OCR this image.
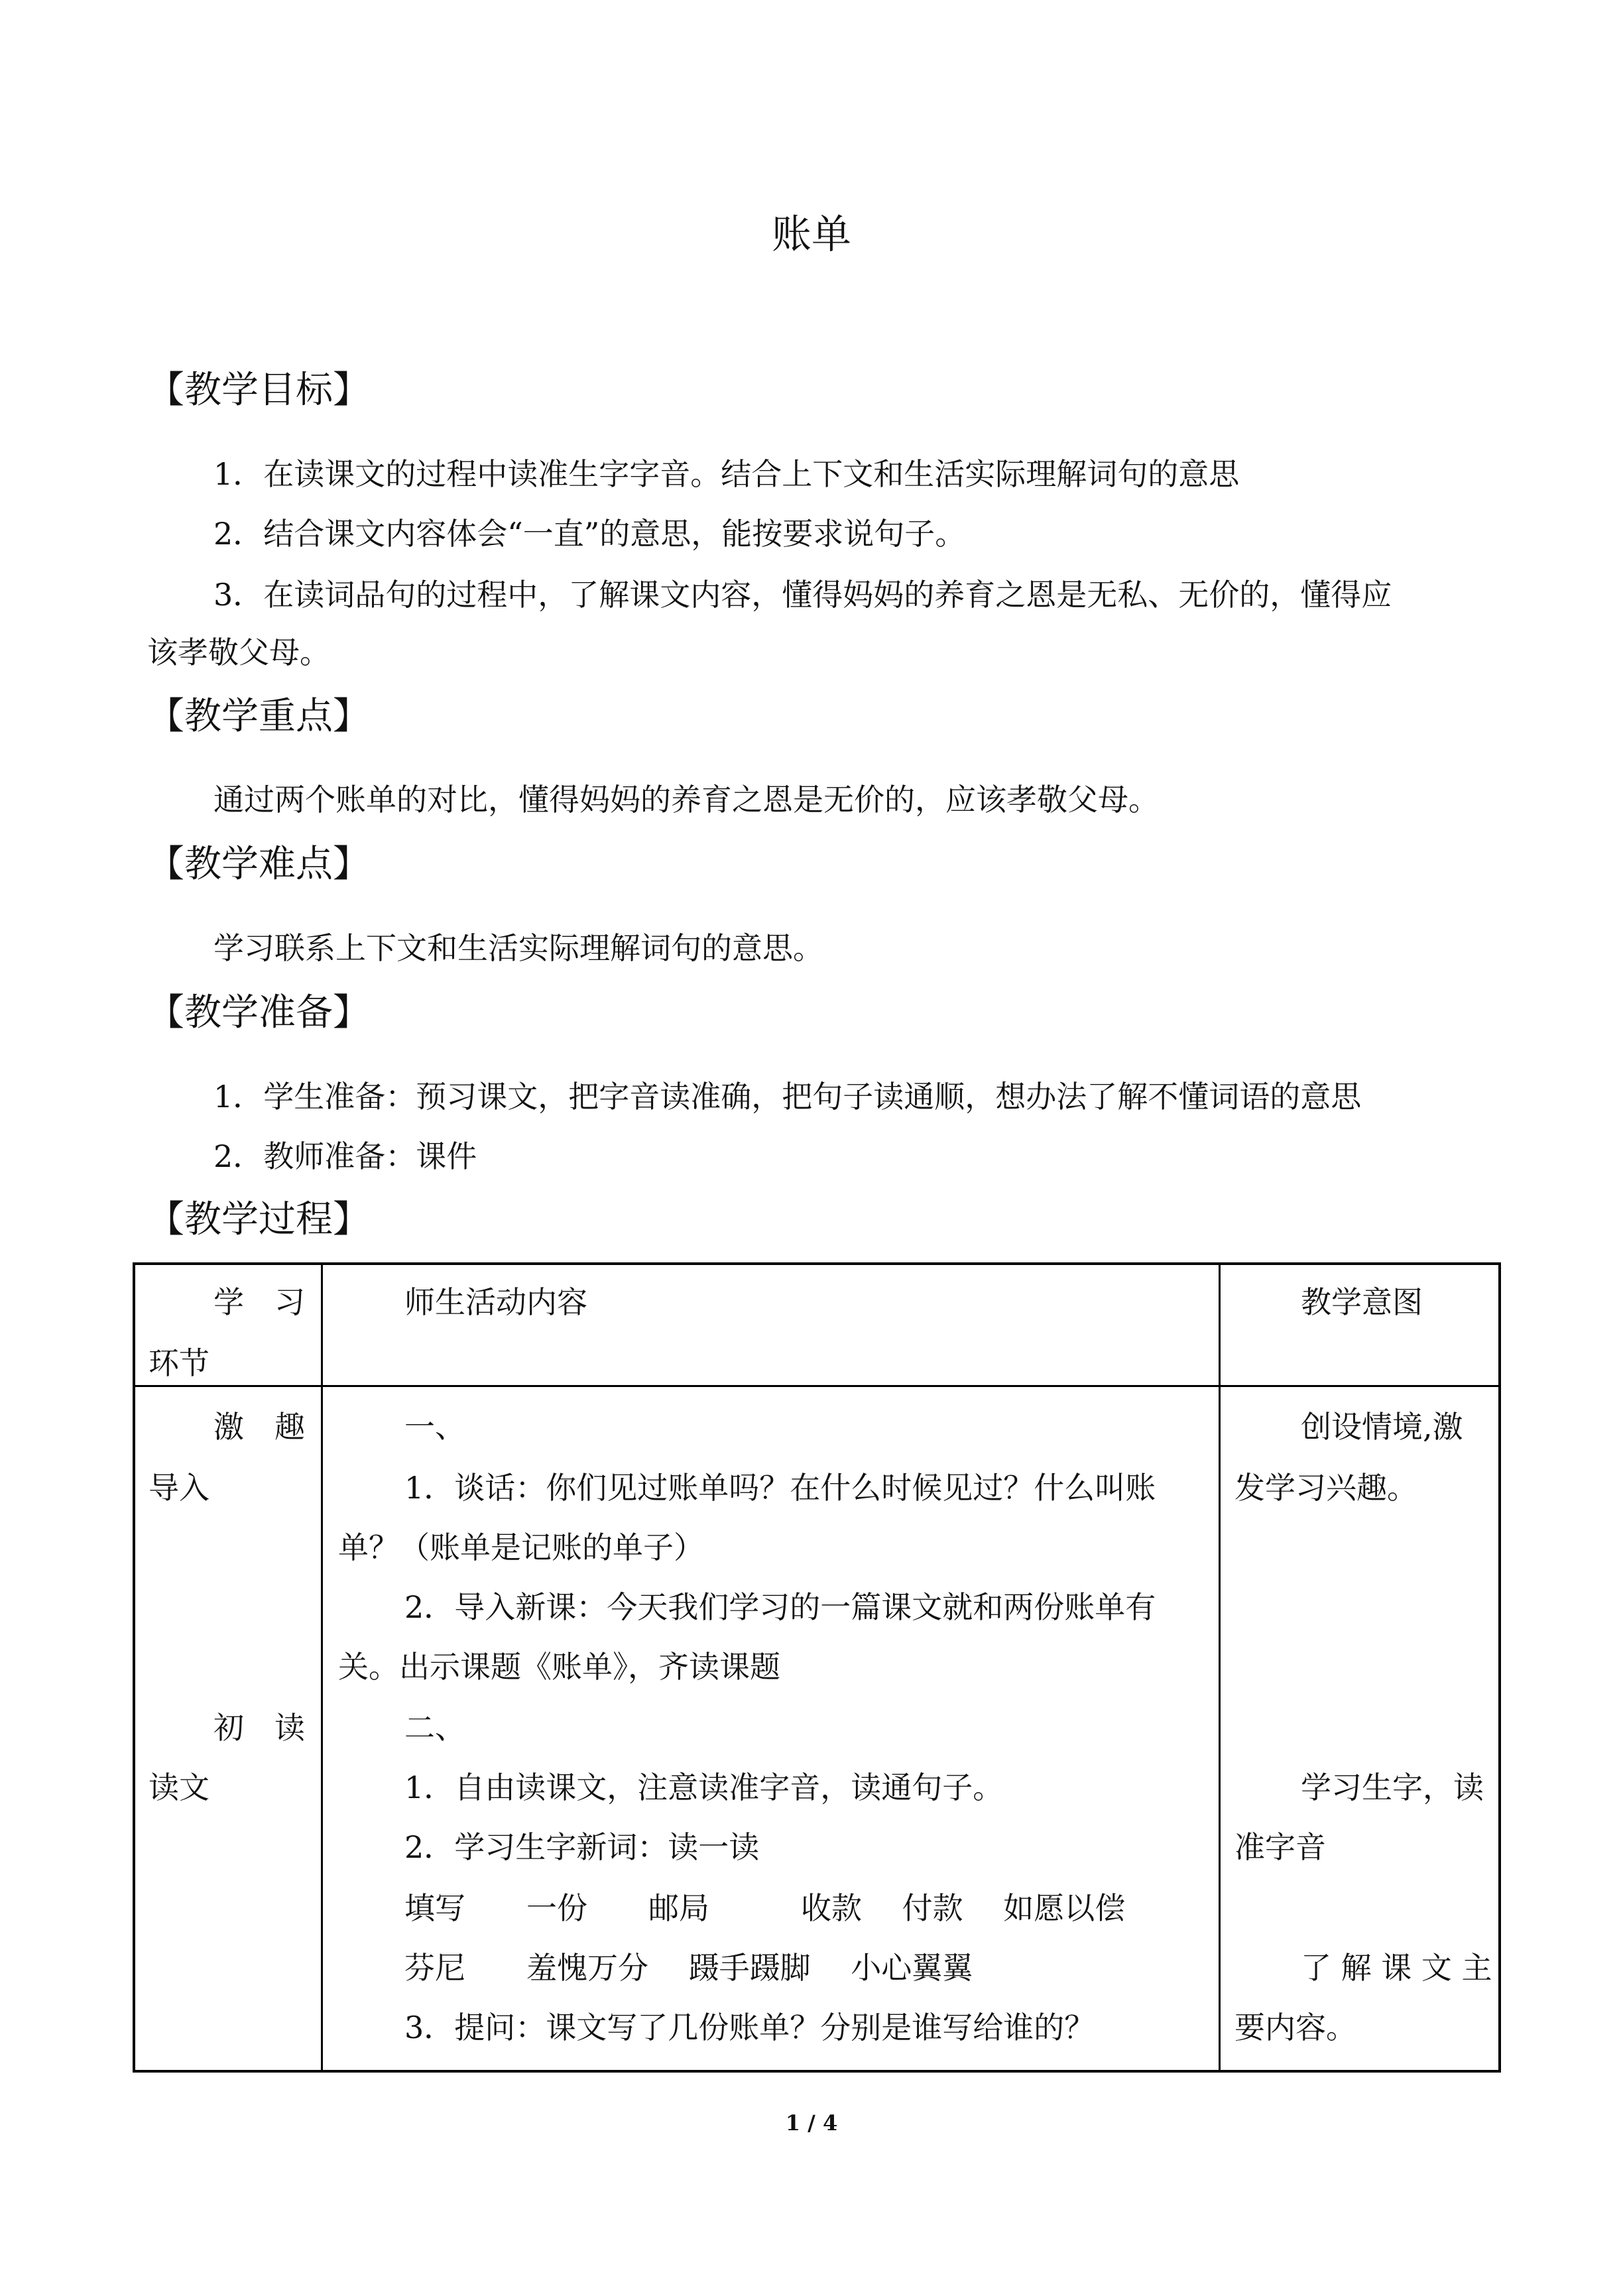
账单
【教学目标】
1．在读课文的过程中读准生字字音。结合上下文和生活实际理解词句的意思
2．结合课文内容体会“一直”的意思，能按要求说句子。
3．在读词品句的过程中，了解课文内容，懂得妈妈的养育之恩是无私、无价的，懂得应
该孝敬父母。
【教学重点】
通过两个账单的对比，懂得妈妈的养育之恩是无价的，应该孝敬父母。
【教学难点】
学习联系上下文和生活实际理解词句的意思。
【教学准备】
1．学生准备：预习课文，把字音读准确，把句子读通顺，想办法了解不懂词语的意思
2．教师准备：课件
【教学过程】
学　习
环节
师生活动内容	教学意图
激　趣
导入
初　读
读文
一、
1．谈话：你们见过账单吗？在什么时候见过？什么叫账
单？（账单是记账的单子）
2．导入新课：今天我们学习的一篇课文就和两份账单有
关。出示课题《账单》，齐读课题
二、
1．自由读课文，注意读准字音，读通句子。
2．学习生字新词：读一读
填写　　一份　　邮局　　　收款　 付款　 如愿以偿
芬尼　　羞愧万分　 蹑手蹑脚　 小心翼翼
3．提问：课文写了几份账单？分别是谁写给谁的？
创设情境,激
发学习兴趣。
学习生字，读
准字音
了 解 课 文 主
要内容。
1 / 4
